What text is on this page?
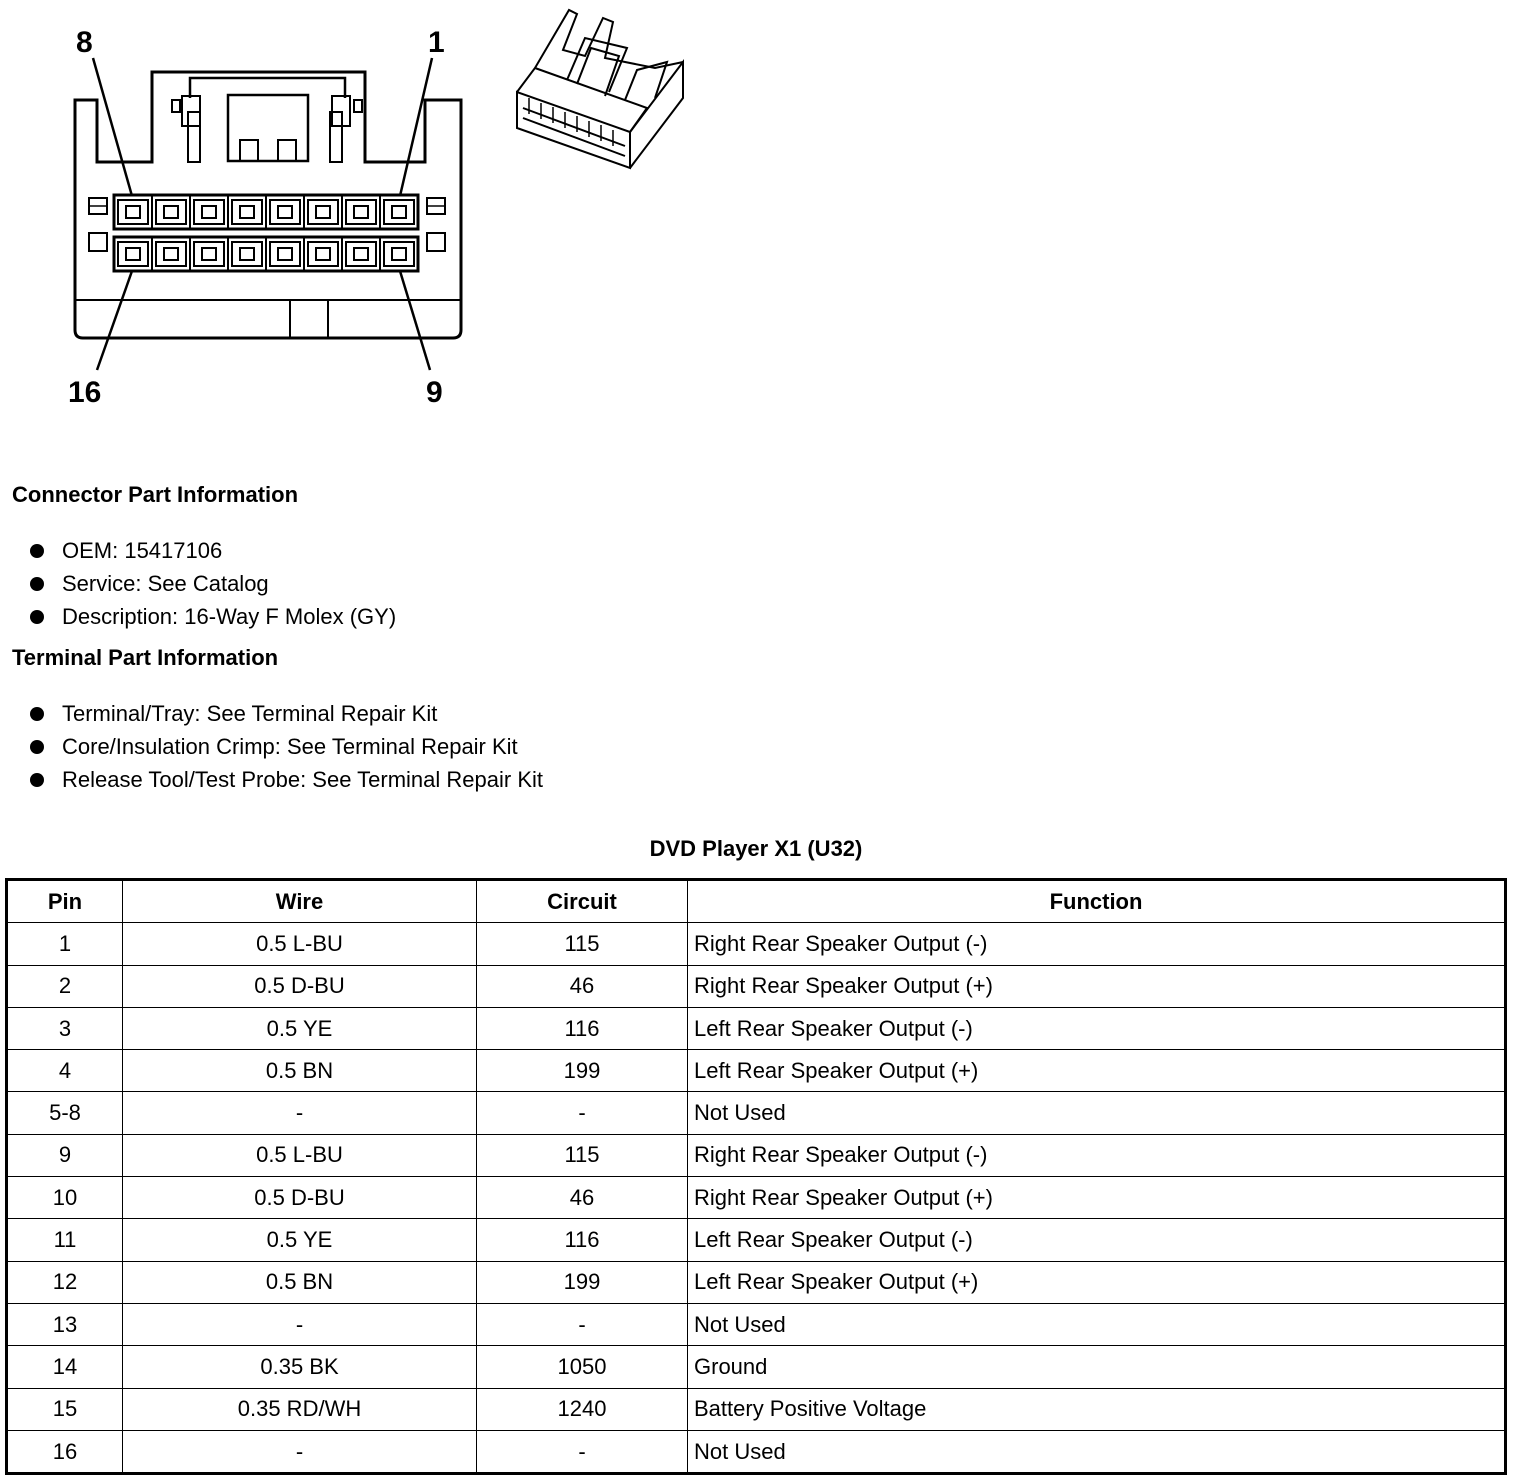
8	1
16	9
Connector Part Information
OEM: 15417106
Service: See Catalog
Description: 16-Way F Molex (GY)
Terminal Part Information
Terminal/Tray: See Terminal Repair Kit
Core/Insulation Crimp: See Terminal Repair Kit
Release Tool/Test Probe: See Terminal Repair Kit
DVD Player X1 (U32)
Pin	Wire	Circuit	Function
1	0.5 L-BU	115	Right Rear Speaker Output (-)
2	0.5 D-BU	46	Right Rear Speaker Output (+)
3	0.5 YE	116	Left Rear Speaker Output (-)
4	0.5 BN	199	Left Rear Speaker Output (+)
5-8	-	-	Not Used
9	0.5 L-BU	115	Right Rear Speaker Output (-)
10	0.5 D-BU	46	Right Rear Speaker Output (+)
11	0.5 YE	116	Left Rear Speaker Output (-)
12	0.5 BN	199	Left Rear Speaker Output (+)
13	-	-	Not Used
14	0.35 BK	1050	Ground
15	0.35 RD/WH	1240	Battery Positive Voltage
16	-	-	Not Used
